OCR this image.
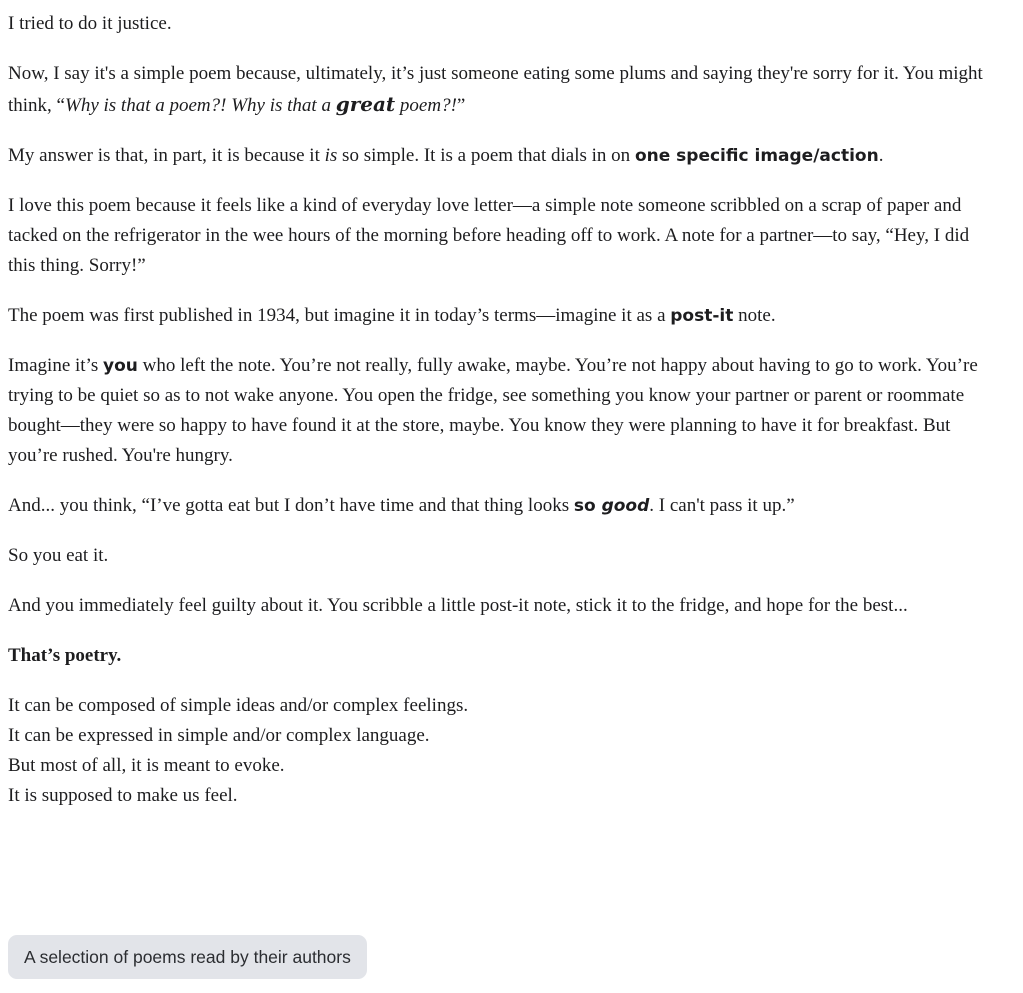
I tried to do it justice.

Now, I say it's a simple poem because, ultimately, it’s just someone eating some plums and saying they're sorry for it. You might think, “Why is that a poem?! Why is that a great poem?!”

My answer is that, in part, it is because it is so simple. It is a poem that dials in on one specific image/action.

I love this poem because it feels like a kind of everyday love letter—a simple note someone scribbled on a scrap of paper and tacked on the refrigerator in the wee hours of the morning before heading off to work. A note for a partner—to say, “Hey, I did this thing. Sorry!”

The poem was first published in 1934, but imagine it in today’s terms—imagine it as a post-it note.

Imagine it’s you who left the note. You’re not really, fully awake, maybe. You’re not happy about having to go to work. You’re trying to be quiet so as to not wake anyone. You open the fridge, see something you know your partner or parent or roommate bought—they were so happy to have found it at the store, maybe. You know they were planning to have it for breakfast. But you’re rushed. You're hungry.

And... you think, “I’ve gotta eat but I don’t have time and that thing looks so good. I can't pass it up.”

So you eat it.

And you immediately feel guilty about it. You scribble a little post-it note, stick it to the fridge, and hope for the best...

That’s poetry.

It can be composed of simple ideas and/or complex feelings.
It can be expressed in simple and/or complex language.
But most of all, it is meant to evoke.
It is supposed to make us feel.

A selection of poems read by their authors
